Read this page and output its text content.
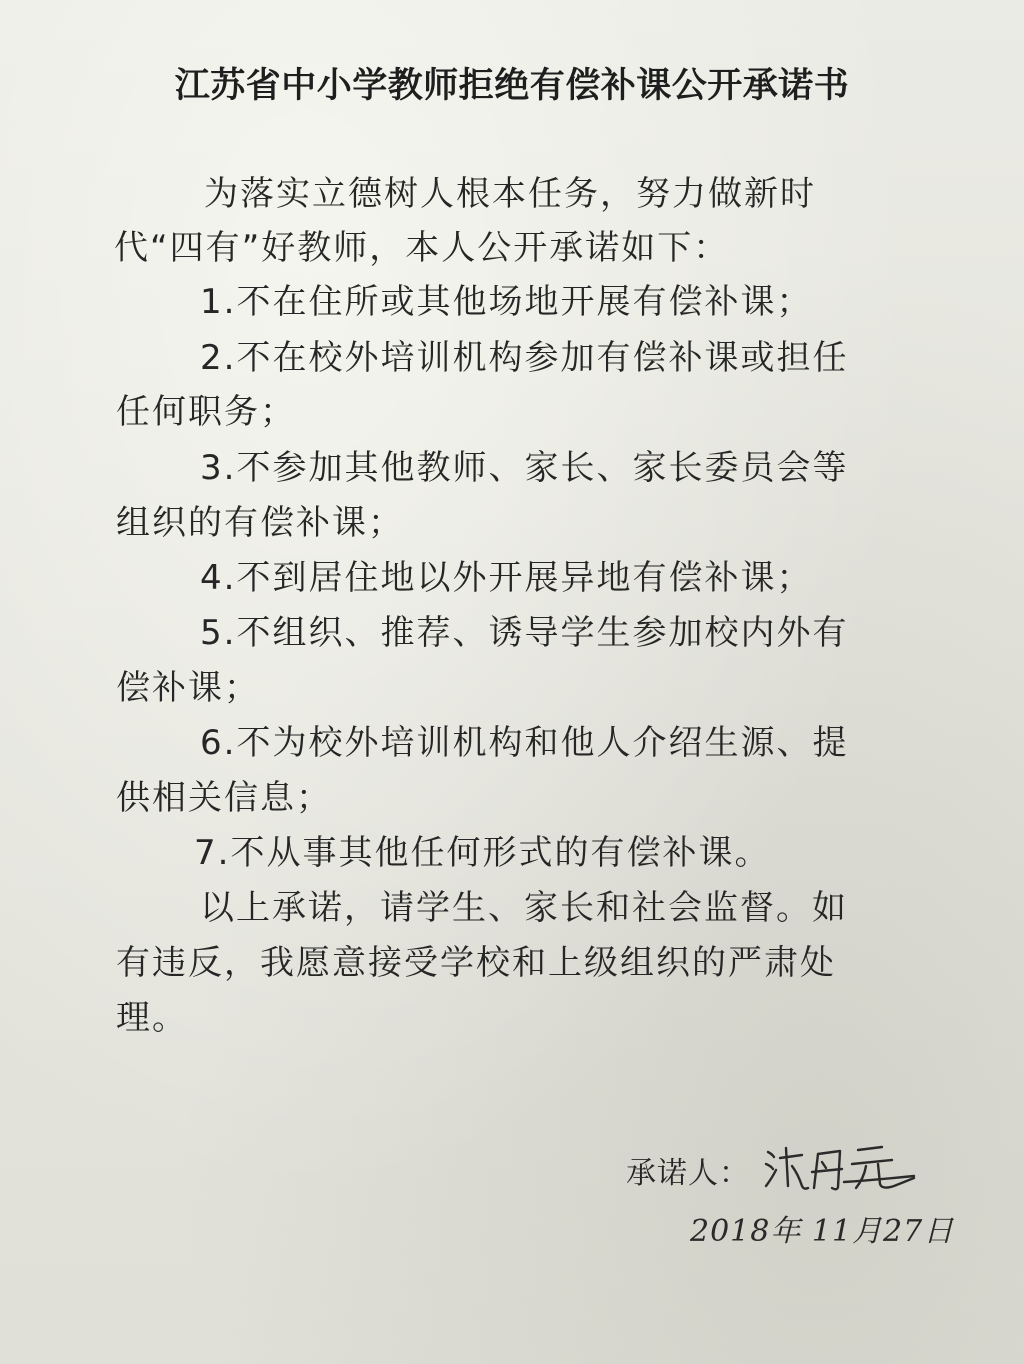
江苏省中小学教师拒绝有偿补课公开承诺书
为落实立德树人根本任务，努力做新时
代“四有”好教师，本人公开承诺如下：
1.不在住所或其他场地开展有偿补课；
2.不在校外培训机构参加有偿补课或担任
任何职务；
3.不参加其他教师、家长、家长委员会等
组织的有偿补课；
4.不到居住地以外开展异地有偿补课；
5.不组织、推荐、诱导学生参加校内外有
偿补课；
6.不为校外培训机构和他人介绍生源、提
供相关信息；
7.不从事其他任何形式的有偿补课。
以上承诺，请学生、家长和社会监督。如
有违反，我愿意接受学校和上级组织的严肃处
理。
承诺人：
2018年 11月27日
